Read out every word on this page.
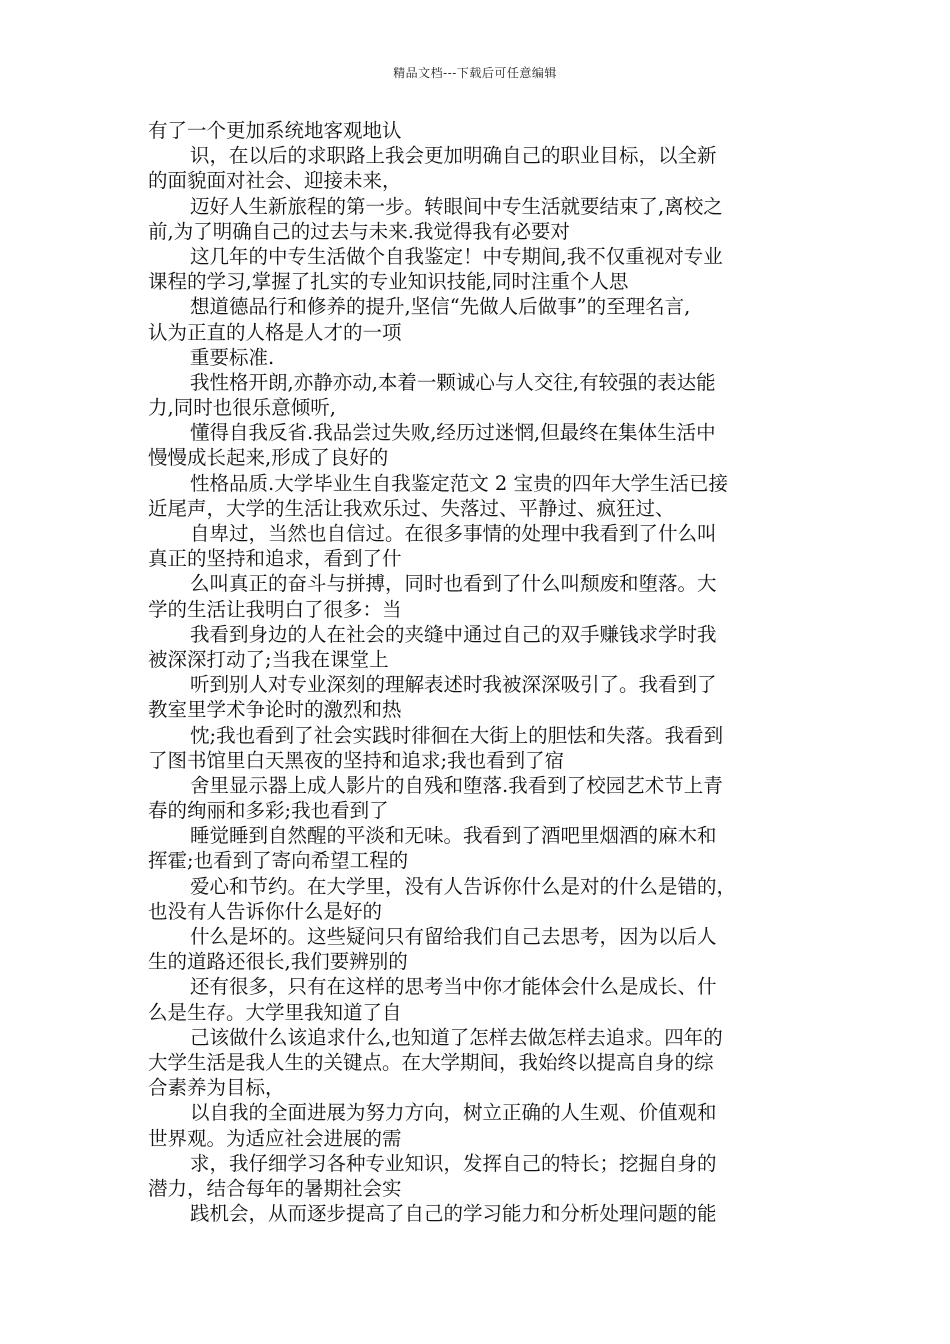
精品文档---下载后可任意编辑
有了一个更加系统地客观地认
识，在以后的求职路上我会更加明确自己的职业目标，以全新
的面貌面对社会、迎接未来，
迈好人生新旅程的第一步。转眼间中专生活就要结束了,离校之
前,为了明确自己的过去与未来.我觉得我有必要对
这几年的中专生活做个自我鉴定！中专期间,我不仅重视对专业
课程的学习,掌握了扎实的专业知识技能,同时注重个人思
想道德品行和修养的提升,坚信“先做人后做事”的至理名言,
认为正直的人格是人才的一项
重要标准.
我性格开朗,亦静亦动,本着一颗诚心与人交往,有较强的表达能
力,同时也很乐意倾听,
懂得自我反省.我品尝过失败,经历过迷惘,但最终在集体生活中
慢慢成长起来,形成了良好的
性格品质.大学毕业生自我鉴定范文 2 宝贵的四年大学生活已接
近尾声，大学的生活让我欢乐过、失落过、平静过、疯狂过、
自卑过，当然也自信过。在很多事情的处理中我看到了什么叫
真正的坚持和追求，看到了什
么叫真正的奋斗与拼搏，同时也看到了什么叫颓废和堕落。大
学的生活让我明白了很多：当
我看到身边的人在社会的夹缝中通过自己的双手赚钱求学时我
被深深打动了;当我在课堂上
听到别人对专业深刻的理解表述时我被深深吸引了。我看到了
教室里学术争论时的激烈和热
忱;我也看到了社会实践时徘徊在大街上的胆怯和失落。我看到
了图书馆里白天黑夜的坚持和追求;我也看到了宿
舍里显示器上成人影片的自残和堕落.我看到了校园艺术节上青
春的绚丽和多彩;我也看到了
睡觉睡到自然醒的平淡和无味。我看到了酒吧里烟酒的麻木和
挥霍;也看到了寄向希望工程的
爱心和节约。在大学里，没有人告诉你什么是对的什么是错的，
也没有人告诉你什么是好的
什么是坏的。这些疑问只有留给我们自己去思考，因为以后人
生的道路还很长,我们要辨别的
还有很多，只有在这样的思考当中你才能体会什么是成长、什
么是生存。大学里我知道了自
己该做什么该追求什么,也知道了怎样去做怎样去追求。四年的
大学生活是我人生的关键点。在大学期间，我始终以提高自身的综
合素养为目标，
以自我的全面进展为努力方向，树立正确的人生观、价值观和
世界观。为适应社会进展的需
求，我仔细学习各种专业知识，发挥自己的特长；挖掘自身的
潜力，结合每年的暑期社会实
践机会，从而逐步提高了自己的学习能力和分析处理问题的能
